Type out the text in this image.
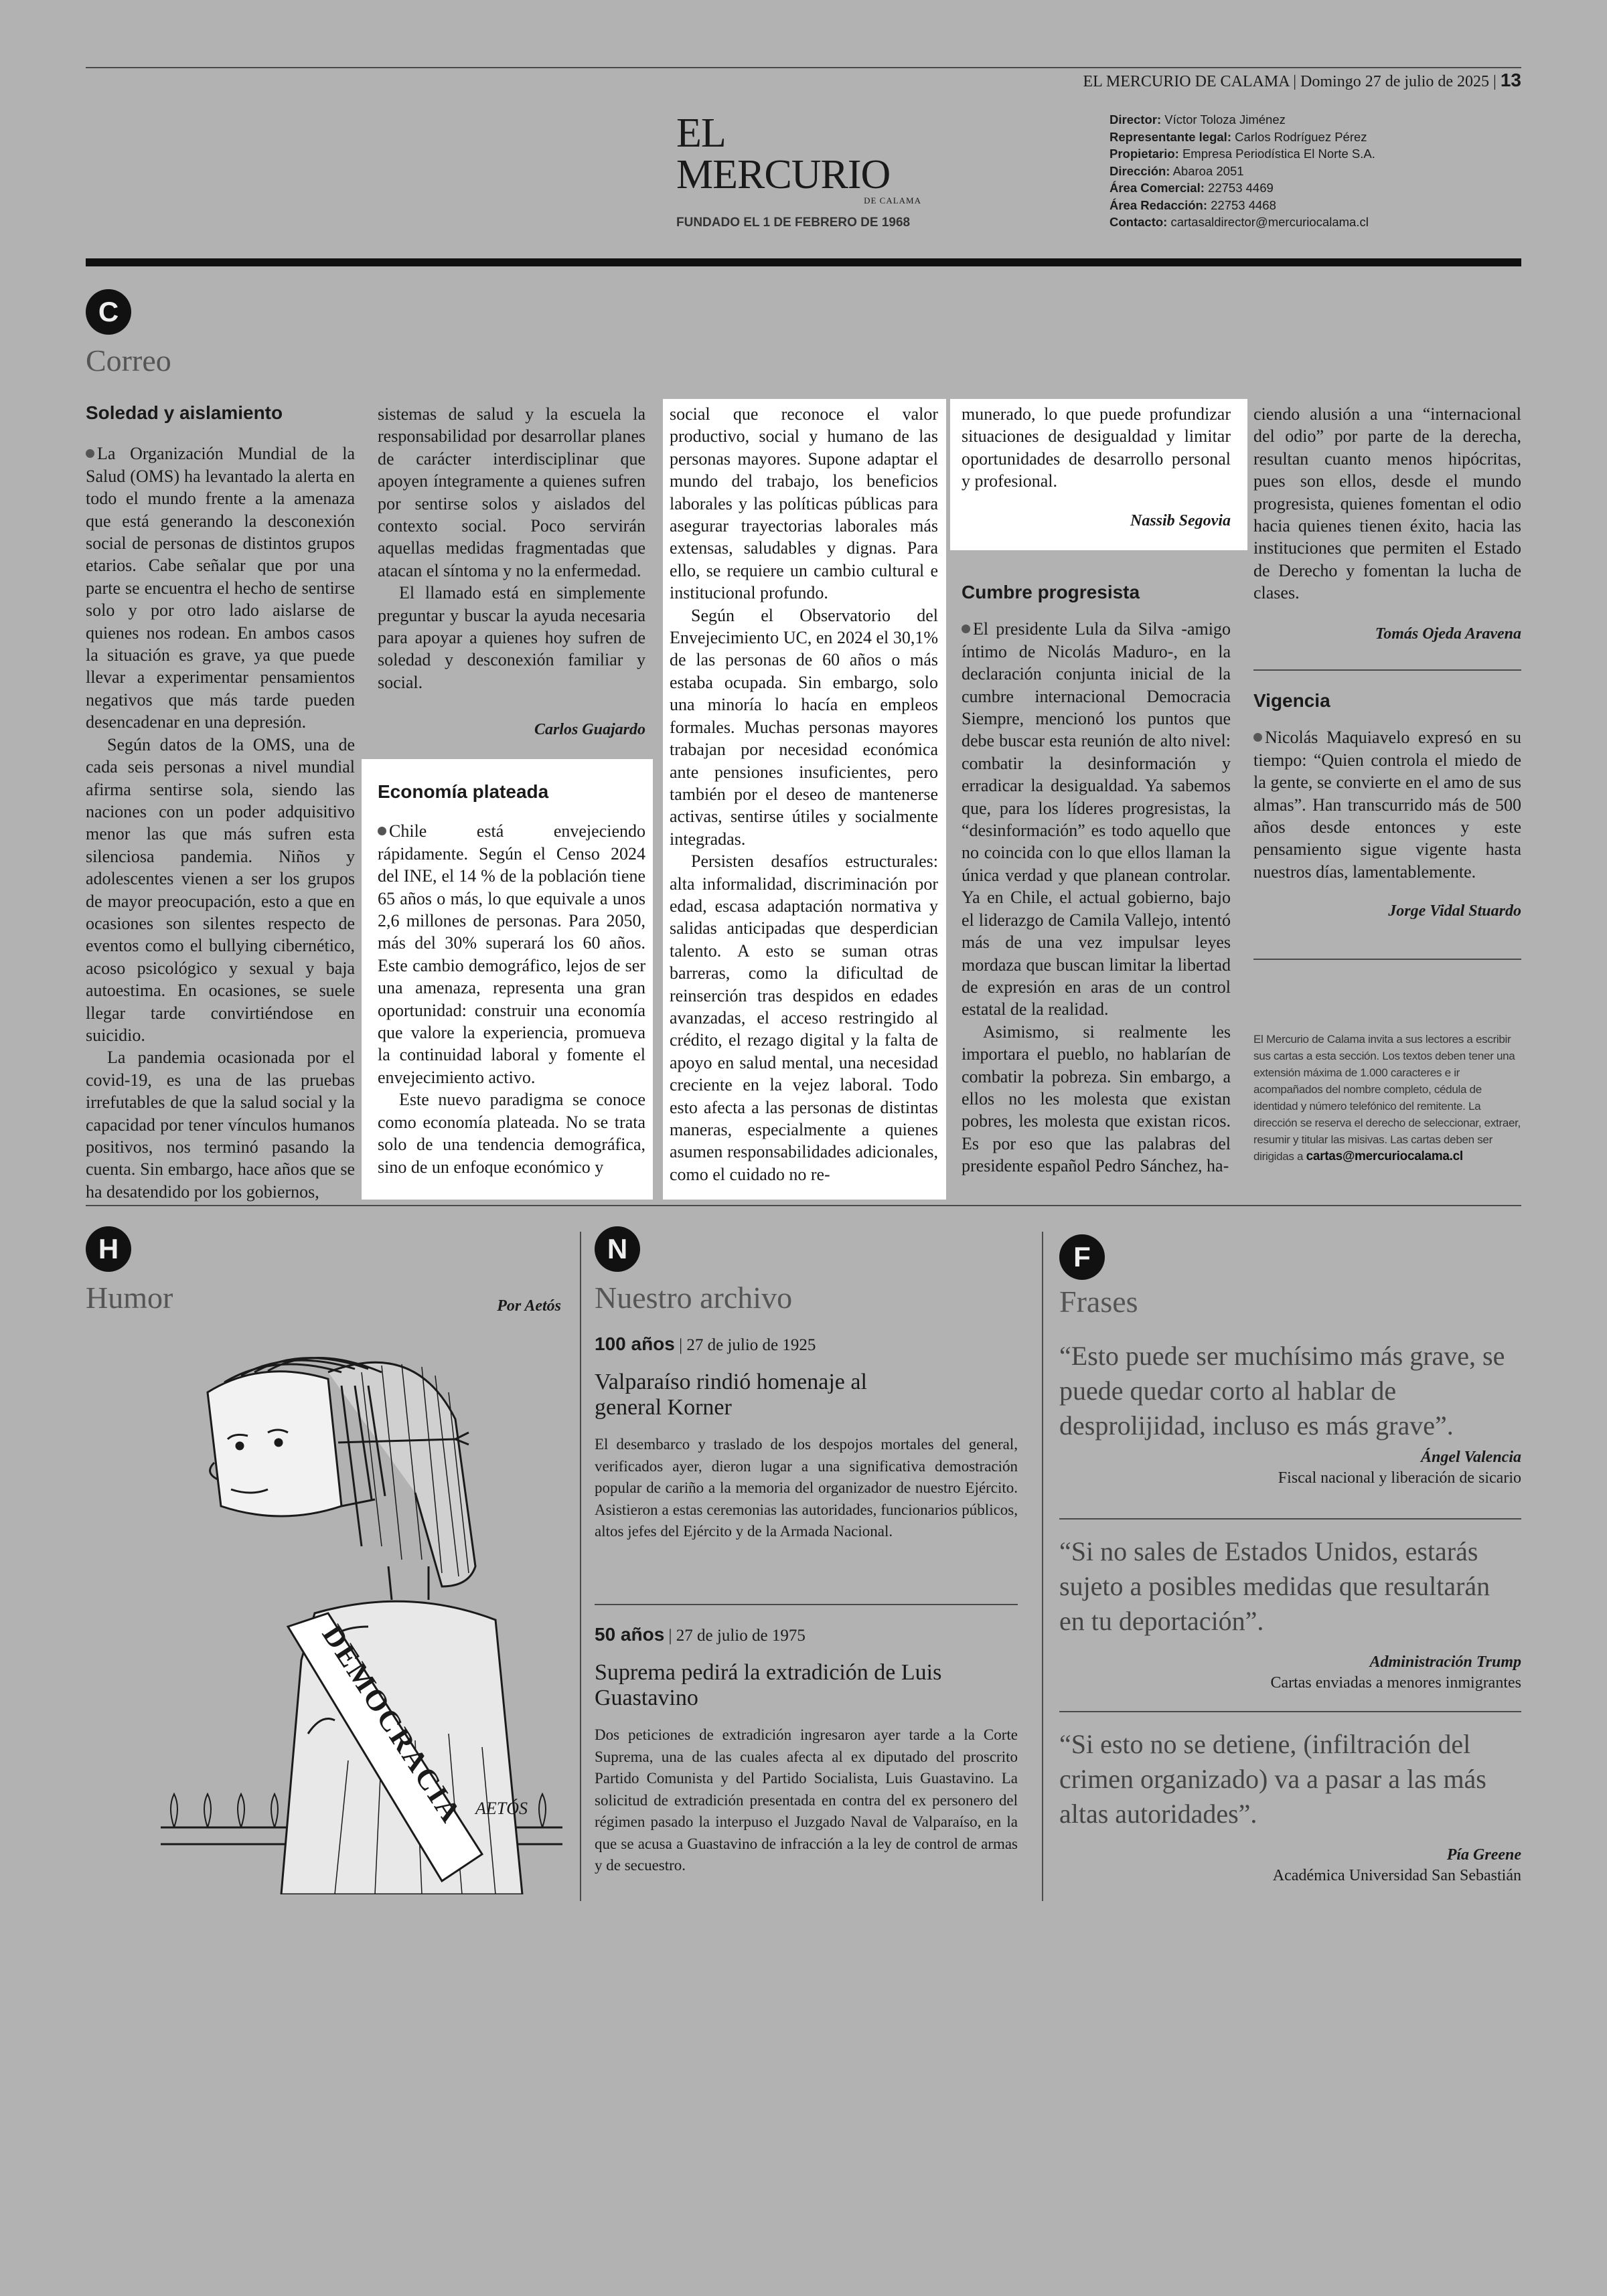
EL MERCURIO DE CALAMA | Domingo 27 de julio de 2025 | 13
EL MERCURIO
DE CALAMA
FUNDADO EL 1 DE FEBRERO DE 1968
Director: Víctor Toloza Jiménez
Representante legal: Carlos Rodríguez Pérez
Propietario: Empresa Periodística El Norte S.A.
Dirección: Abaroa 2051
Área Comercial: 22753 4469
Área Redacción: 22753 4468
Contacto: cartasaldirector@mercuriocalama.cl
C
Correo
Soledad y aislamiento

La Organización Mundial de la Salud (OMS) ha levantado la alerta en todo el mundo frente a la amenaza que está generando la desconexión social de personas de distintos grupos etarios. Cabe señalar que por una parte se encuentra el hecho de sentirse solo y por otro lado aislarse de quienes nos rodean. En ambos casos la situación es grave, ya que puede llevar a experimentar pensamientos negativos que más tarde pueden desencadenar en una depresión.

Según datos de la OMS, una de cada seis personas a nivel mundial afirma sentirse sola, siendo las naciones con un poder adquisitivo menor las que más sufren esta silenciosa pandemia. Niños y adolescentes vienen a ser los grupos de mayor preocupación, esto a que en ocasiones son silentes respecto de eventos como el bullying cibernético, acoso psicológico y sexual y baja autoestima. En ocasiones, se suele llegar tarde convirtiéndose en suicidio.

La pandemia ocasionada por el covid-19, es una de las pruebas irrefutables de que la salud social y la capacidad por tener vínculos humanos positivos, nos terminó pasando la cuenta. Sin embargo, hace años que se ha desatendido por los gobiernos,

sistemas de salud y la escuela la responsabilidad por desarrollar planes de carácter interdisciplinar que apoyen íntegramente a quienes sufren por sentirse solos y aislados del contexto social. Poco servirán aquellas medidas fragmentadas que atacan el síntoma y no la enfermedad.

El llamado está en simplemente preguntar y buscar la ayuda necesaria para apoyar a quienes hoy sufren de soledad y desconexión familiar y social.

Carlos Guajardo
Economía plateada

Chile está envejeciendo rápidamente. Según el Censo 2024 del INE, el 14 % de la población tiene 65 años o más, lo que equivale a unos 2,6 millones de personas. Para 2050, más del 30% superará los 60 años. Este cambio demográfico, lejos de ser una amenaza, representa una gran oportunidad: construir una economía que valore la experiencia, promueva la continuidad laboral y fomente el envejecimiento activo.

Este nuevo paradigma se conoce como economía plateada. No se trata solo de una tendencia demográfica, sino de un enfoque económico y

social que reconoce el valor productivo, social y humano de las personas mayores. Supone adaptar el mundo del trabajo, los beneficios laborales y las políticas públicas para asegurar trayectorias laborales más extensas, saludables y dignas. Para ello, se requiere un cambio cultural e institucional profundo.

Según el Observatorio del Envejecimiento UC, en 2024 el 30,1% de las personas de 60 años o más estaba ocupada. Sin embargo, solo una minoría lo hacía en empleos formales. Muchas personas mayores trabajan por necesidad económica ante pensiones insuficientes, pero también por el deseo de mantenerse activas, sentirse útiles y socialmente integradas.

Persisten desafíos estructurales: alta informalidad, discriminación por edad, escasa adaptación normativa y salidas anticipadas que desperdician talento. A esto se suman otras barreras, como la dificultad de reinserción tras despidos en edades avanzadas, el acceso restringido al crédito, el rezago digital y la falta de apoyo en salud mental, una necesidad creciente en la vejez laboral. Todo esto afecta a las personas de distintas maneras, especialmente a quienes asumen responsabilidades adicionales, como el cuidado no re-

munerado, lo que puede profundizar situaciones de desigualdad y limitar oportunidades de desarrollo personal y profesional.

Nassib Segovia
Cumbre progresista

El presidente Lula da Silva -amigo íntimo de Nicolás Maduro-, en la declaración conjunta inicial de la cumbre internacional Democracia Siempre, mencionó los puntos que debe buscar esta reunión de alto nivel: combatir la desinformación y erradicar la desigualdad. Ya sabemos que, para los líderes progresistas, la “desinformación” es todo aquello que no coincida con lo que ellos llaman la única verdad y que planean controlar. Ya en Chile, el actual gobierno, bajo el liderazgo de Camila Vallejo, intentó más de una vez impulsar leyes mordaza que buscan limitar la libertad de expresión en aras de un control estatal de la realidad.

Asimismo, si realmente les importara el pueblo, no hablarían de combatir la pobreza. Sin embargo, a ellos no les molesta que existan pobres, les molesta que existan ricos. Es por eso que las palabras del presidente español Pedro Sánchez, ha-

ciendo alusión a una “internacional del odio” por parte de la derecha, resultan cuanto menos hipócritas, pues son ellos, desde el mundo progresista, quienes fomentan el odio hacia quienes tienen éxito, hacia las instituciones que permiten el Estado de Derecho y fomentan la lucha de clases.

Tomás Ojeda Aravena
Vigencia

Nicolás Maquiavelo expresó en su tiempo: “Quien controla el miedo de la gente, se convierte en el amo de sus almas”. Han transcurrido más de 500 años desde entonces y este pensamiento sigue vigente hasta nuestros días, lamentablemente.

Jorge Vidal Stuardo
El Mercurio de Calama invita a sus lectores a escribir sus cartas a esta sección. Los textos deben tener una extensión máxima de 1.000 caracteres e ir acompañados del nombre completo, cédula de identidad y número telefónico del remitente. La dirección se reserva el derecho de seleccionar, extraer, resumir y titular las misivas. Las cartas deben ser dirigidas a cartas@mercuriocalama.cl
H
Humor	Por Aetós
DEMOCRACIA AETÓS
N
Nuestro archivo
100 años | 27 de julio de 1925
Valparaíso rindió homenaje al general Korner
El desembarco y traslado de los despojos mortales del general, verificados ayer, dieron lugar a una significativa demostración popular de cariño a la memoria del organizador de nuestro Ejército. Asistieron a estas ceremonias las autoridades, funcionarios públicos, altos jefes del Ejército y de la Armada Nacional.
50 años | 27 de julio de 1975
Suprema pedirá la extradición de Luis Guastavino
Dos peticiones de extradición ingresaron ayer tarde a la Corte Suprema, una de las cuales afecta al ex diputado del proscrito Partido Comunista y del Partido Socialista, Luis Guastavino. La solicitud de extradición presentada en contra del ex personero del régimen pasado la interpuso el Juzgado Naval de Valparaíso, en la que se acusa a Guastavino de infracción a la ley de control de armas y de secuestro.
F
Frases
“Esto puede ser muchísimo más grave, se puede quedar corto al hablar de desprolijidad, incluso es más grave”.
Ángel Valencia
Fiscal nacional y liberación de sicario
“Si no sales de Estados Unidos, estarás sujeto a posibles medidas que resultarán en tu deportación”.
Administración Trump
Cartas enviadas a menores inmigrantes
“Si esto no se detiene, (infiltración del crimen organizado) va a pasar a las más altas autoridades”.
Pía Greene
Académica Universidad San Sebastián
